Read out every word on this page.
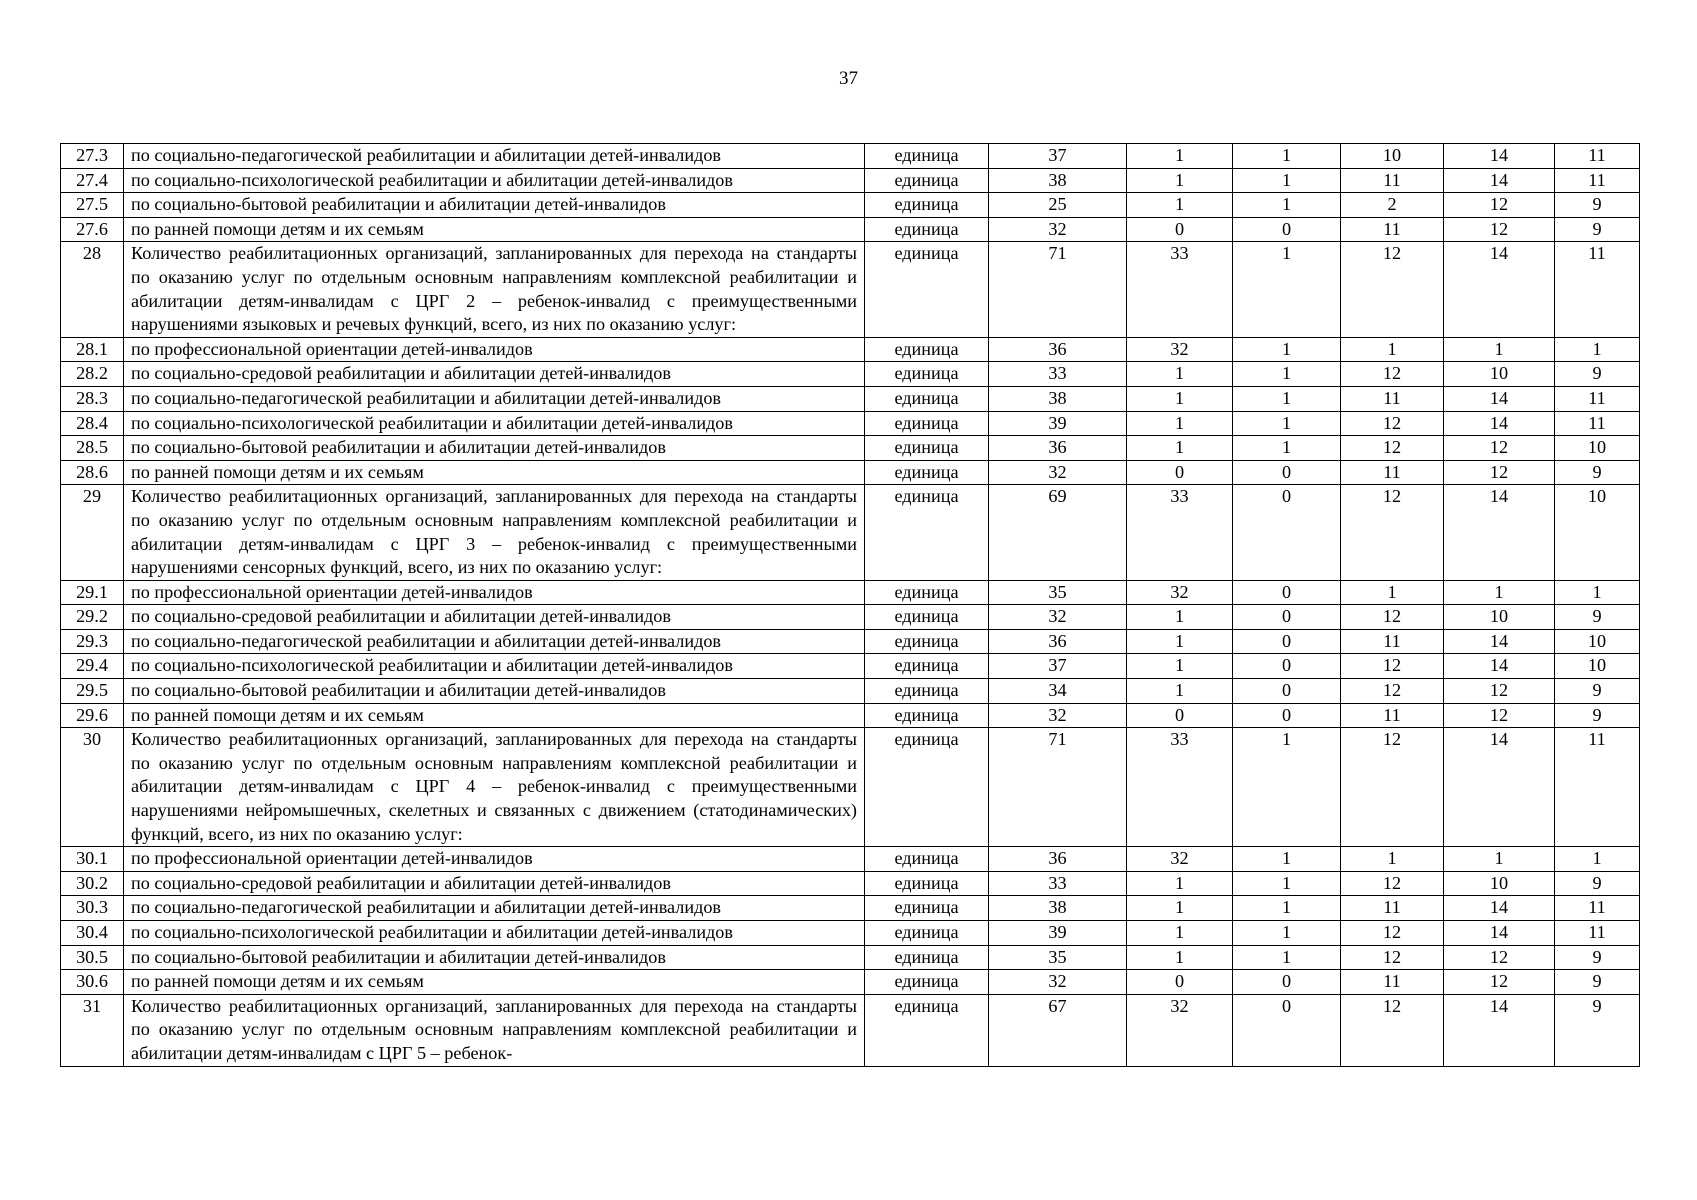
37
27.3	по социально-педагогической реабилитации и абилитации детей-инвалидов	единица	37	1	1	10	14	11
27.4	по социально-психологической реабилитации и абилитации детей-инвалидов	единица	38	1	1	11	14	11
27.5	по социально-бытовой реабилитации и абилитации детей-инвалидов	единица	25	1	1	2	12	9
27.6	по ранней помощи детям и их семьям	единица	32	0	0	11	12	9
28	Количество реабилитационных организаций, запланированных для перехода на стандарты по оказанию услуг по отдельным основным направлениям комплексной реабилитации и абилитации детям-инвалидам с ЦРГ 2 – ребенок-инвалид с преимущественными нарушениями языковых и речевых функций, всего, из них по оказанию услуг:	единица	71	33	1	12	14	11
28.1	по профессиональной ориентации детей-инвалидов	единица	36	32	1	1	1	1
28.2	по социально-средовой реабилитации и абилитации детей-инвалидов	единица	33	1	1	12	10	9
28.3	по социально-педагогической реабилитации и абилитации детей-инвалидов	единица	38	1	1	11	14	11
28.4	по социально-психологической реабилитации и абилитации детей-инвалидов	единица	39	1	1	12	14	11
28.5	по социально-бытовой реабилитации и абилитации детей-инвалидов	единица	36	1	1	12	12	10
28.6	по ранней помощи детям и их семьям	единица	32	0	0	11	12	9
29	Количество реабилитационных организаций, запланированных для перехода на стандарты по оказанию услуг по отдельным основным направлениям комплексной реабилитации и абилитации детям-инвалидам с ЦРГ 3 – ребенок-инвалид с преимущественными нарушениями сенсорных функций, всего, из них по оказанию услуг:	единица	69	33	0	12	14	10
29.1	по профессиональной ориентации детей-инвалидов	единица	35	32	0	1	1	1
29.2	по социально-средовой реабилитации и абилитации детей-инвалидов	единица	32	1	0	12	10	9
29.3	по социально-педагогической реабилитации и абилитации детей-инвалидов	единица	36	1	0	11	14	10
29.4	по социально-психологической реабилитации и абилитации детей-инвалидов	единица	37	1	0	12	14	10
29.5	по социально-бытовой реабилитации и абилитации детей-инвалидов	единица	34	1	0	12	12	9
29.6	по ранней помощи детям и их семьям	единица	32	0	0	11	12	9
30	Количество реабилитационных организаций, запланированных для перехода на стандарты по оказанию услуг по отдельным основным направлениям комплексной реабилитации и абилитации детям-инвалидам с ЦРГ 4 – ребенок-инвалид с преимущественными нарушениями нейромышечных, скелетных и связанных с движением (статодинамических) функций, всего, из них по оказанию услуг:	единица	71	33	1	12	14	11
30.1	по профессиональной ориентации детей-инвалидов	единица	36	32	1	1	1	1
30.2	по социально-средовой реабилитации и абилитации детей-инвалидов	единица	33	1	1	12	10	9
30.3	по социально-педагогической реабилитации и абилитации детей-инвалидов	единица	38	1	1	11	14	11
30.4	по социально-психологической реабилитации и абилитации детей-инвалидов	единица	39	1	1	12	14	11
30.5	по социально-бытовой реабилитации и абилитации детей-инвалидов	единица	35	1	1	12	12	9
30.6	по ранней помощи детям и их семьям	единица	32	0	0	11	12	9
31	Количество реабилитационных организаций, запланированных для перехода на стандарты по оказанию услуг по отдельным основным направлениям комплексной реабилитации и абилитации детям-инвалидам с ЦРГ 5 – ребенок-	единица	67	32	0	12	14	9
